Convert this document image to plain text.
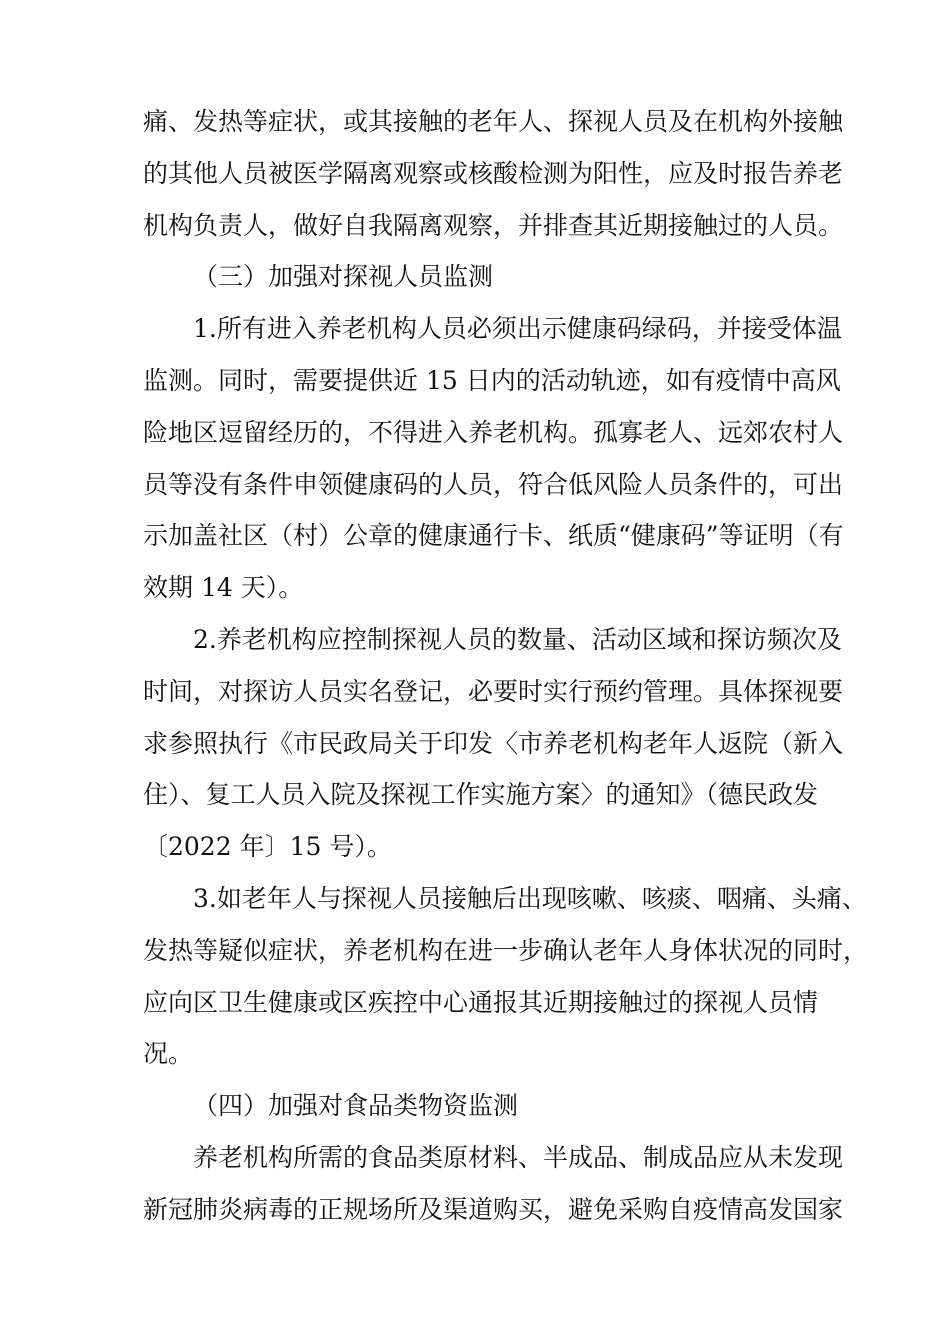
痛、发热等症状，或其接触的老年人、探视人员及在机构外接触
的其他人员被医学隔离观察或核酸检测为阳性，应及时报告养老
机构负责人，做好自我隔离观察，并排查其近期接触过的人员。
（三）加强对探视人员监测
1.所有进入养老机构人员必须出示健康码绿码，并接受体温
监测。同时，需要提供近 15 日内的活动轨迹，如有疫情中高风
险地区逗留经历的，不得进入养老机构。孤寡老人、远郊农村人
员等没有条件申领健康码的人员，符合低风险人员条件的，可出
示加盖社区（村）公章的健康通行卡、纸质“健康码”等证明（有
效期 14 天）。
2.养老机构应控制探视人员的数量、活动区域和探访频次及
时间，对探访人员实名登记，必要时实行预约管理。具体探视要
求参照执行《市民政局关于印发〈市养老机构老年人返院（新入
住）、复工人员入院及探视工作实施方案〉的通知》（德民政发
〔2022 年〕15 号）。
3.如老年人与探视人员接触后出现咳嗽、咳痰、咽痛、头痛、
发热等疑似症状，养老机构在进一步确认老年人身体状况的同时，
应向区卫生健康或区疾控中心通报其近期接触过的探视人员情
况。
（四）加强对食品类物资监测
养老机构所需的食品类原材料、半成品、制成品应从未发现
新冠肺炎病毒的正规场所及渠道购买，避免采购自疫情高发国家
